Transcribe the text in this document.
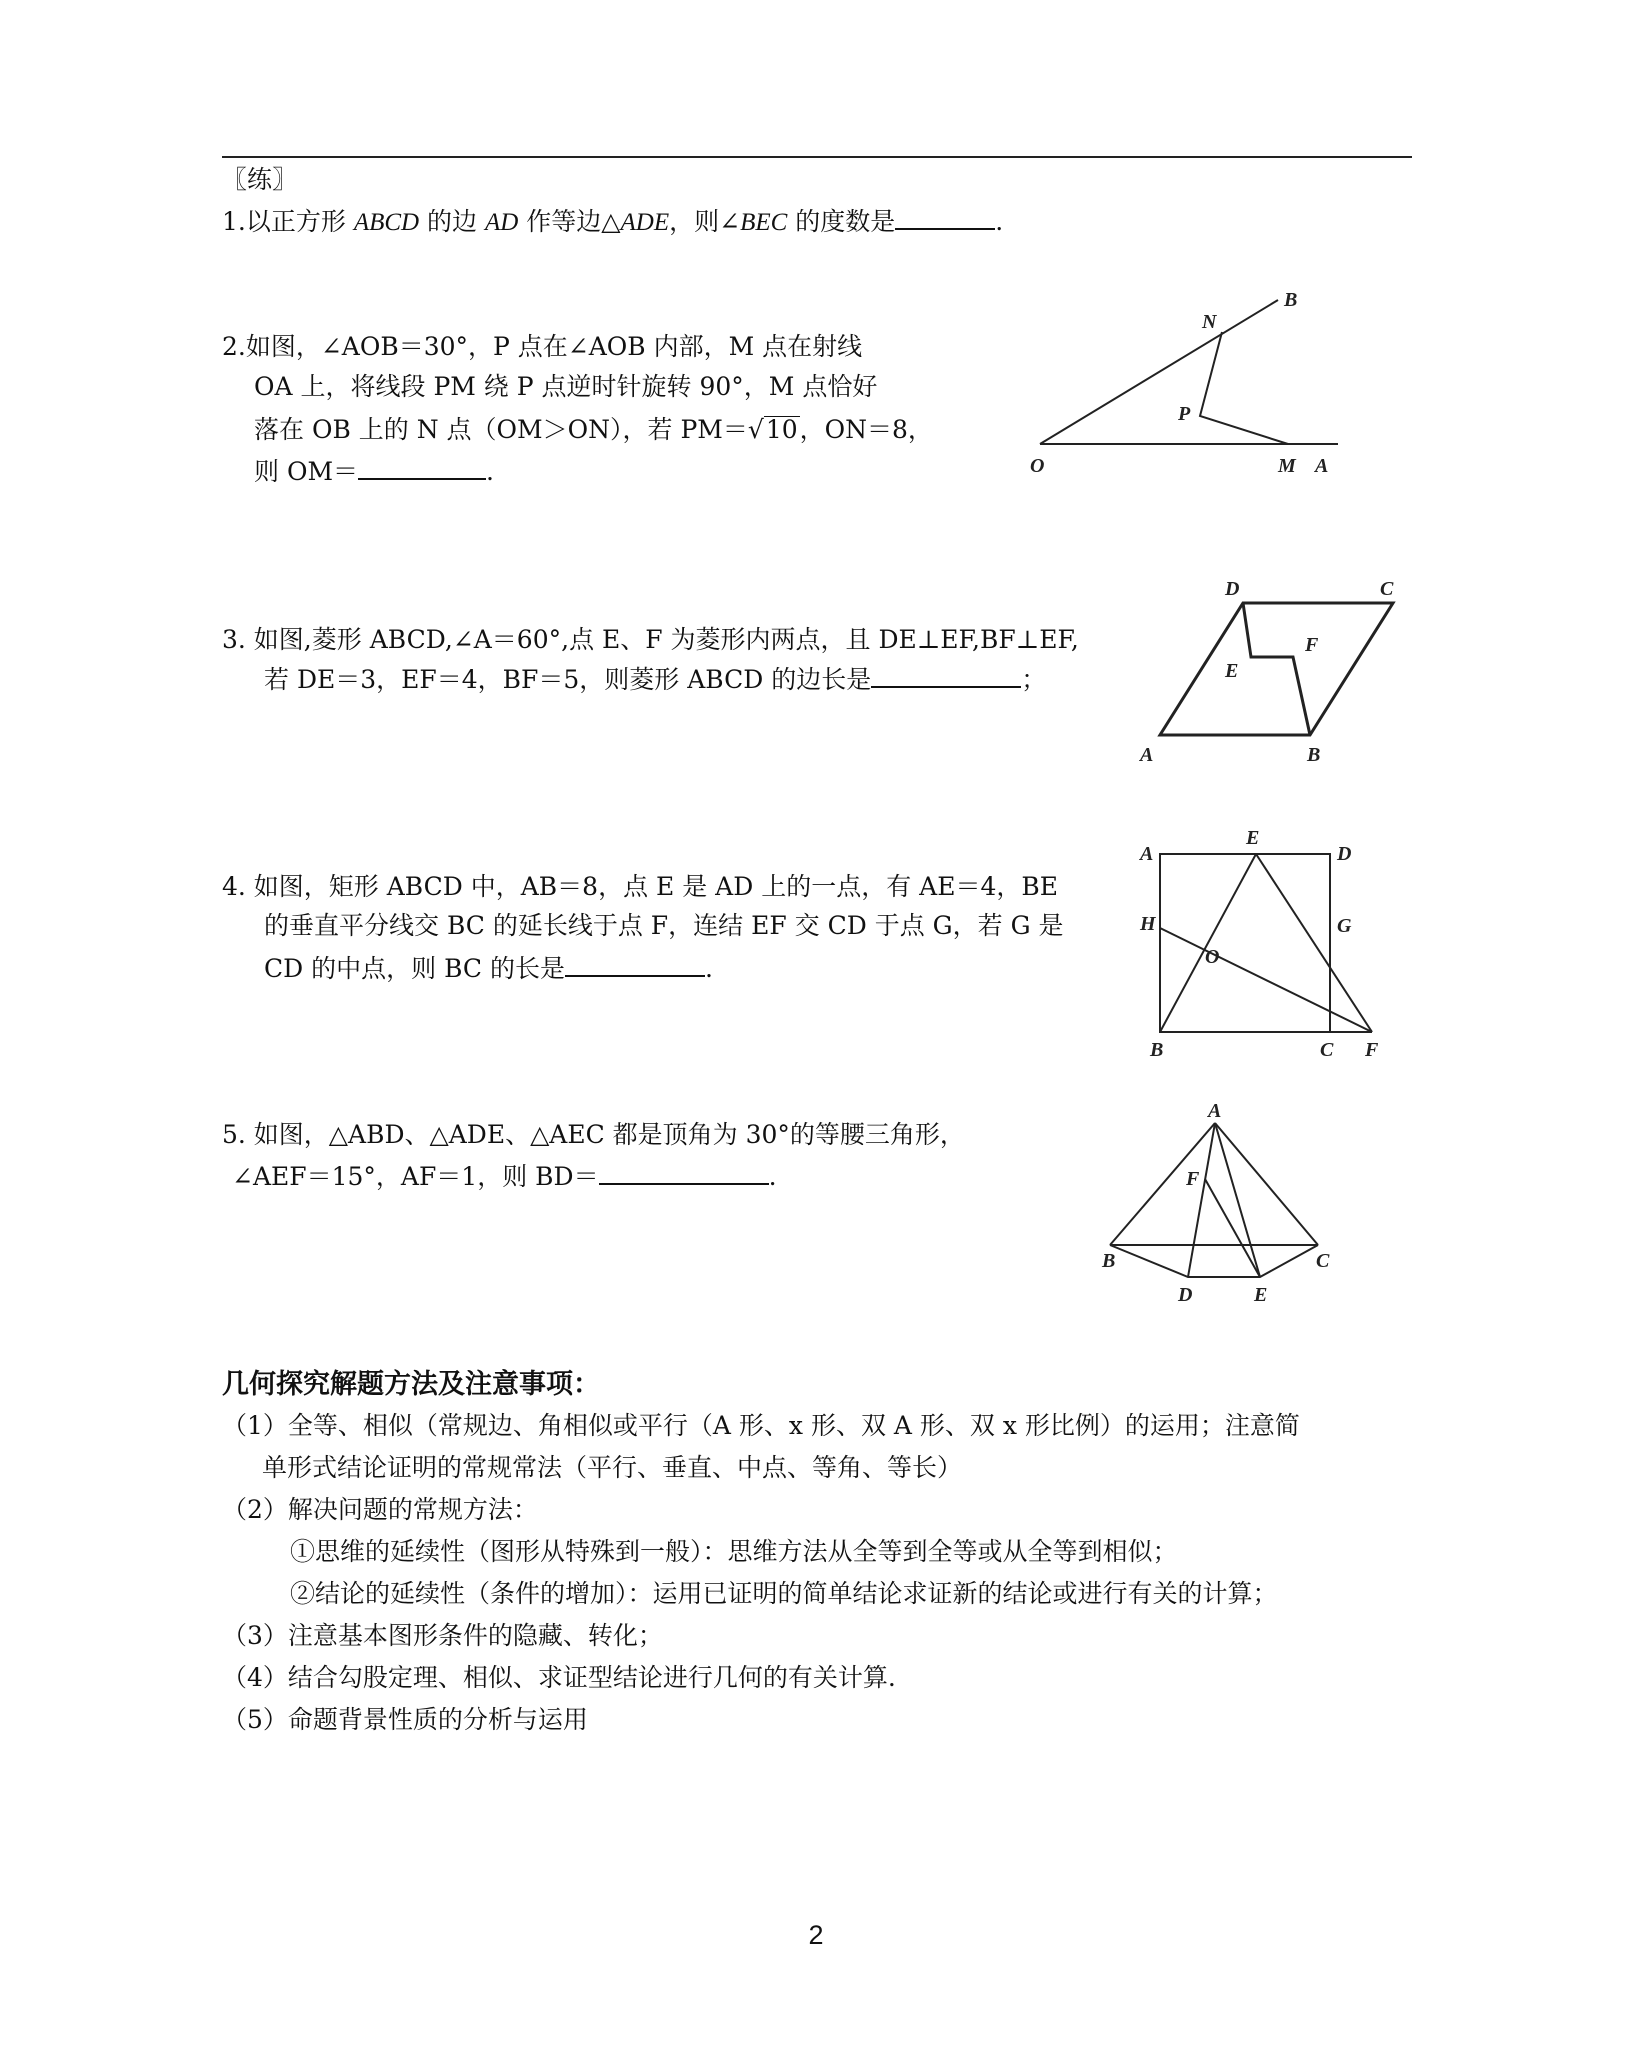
〖练〗
1.以正方形 ABCD 的边 AD 作等边△ADE，则∠BEC 的度数是	.
2.如图，∠AOB＝30°，P 点在∠AOB 内部，M 点在射线
OA 上，将线段 PM 绕 P 点逆时针旋转 90°，M 点恰好
落在 OB 上的 N 点（OM＞ON），若 PM＝√10，ON＝8，
则 OM＝	.	O	M A
P
N
B
3. 如图,菱形 ABCD,∠A＝60°,点 E、F 为菱形内两点，且 DE⊥EF,BF⊥EF,
若 DE＝3，EF＝4，BF＝5，则菱形 ABCD 的边长是	；
A	B
C
D
E
F
4. 如图，矩形 ABCD 中，AB＝8，点 E 是 AD 上的一点，有 AE＝4，BE
的垂直平分线交 BC 的延长线于点 F，连结 EF 交 CD 于点 G，若 G 是
CD 的中点，则 BC 的长是	.
A
E
D
H	G
O
B	C F
5. 如图，△ABD、△ADE、△AEC 都是顶角为 30°的等腰三角形，
∠AEF＝15°，AF＝1，则 BD＝	.
A
F
B	C
D	E
几何探究解题方法及注意事项：
（1）全等、相似（常规边、角相似或平行（A 形、x 形、双 A 形、双 x 形比例）的运用；注意简
单形式结论证明的常规常法（平行、垂直、中点、等角、等长）
（2）解决问题的常规方法：
①思维的延续性（图形从特殊到一般）：思维方法从全等到全等或从全等到相似；
②结论的延续性（条件的增加）：运用已证明的简单结论求证新的结论或进行有关的计算；
（3）注意基本图形条件的隐藏、转化；
（4）结合勾股定理、相似、求证型结论进行几何的有关计算.
（5）命题背景性质的分析与运用
2
